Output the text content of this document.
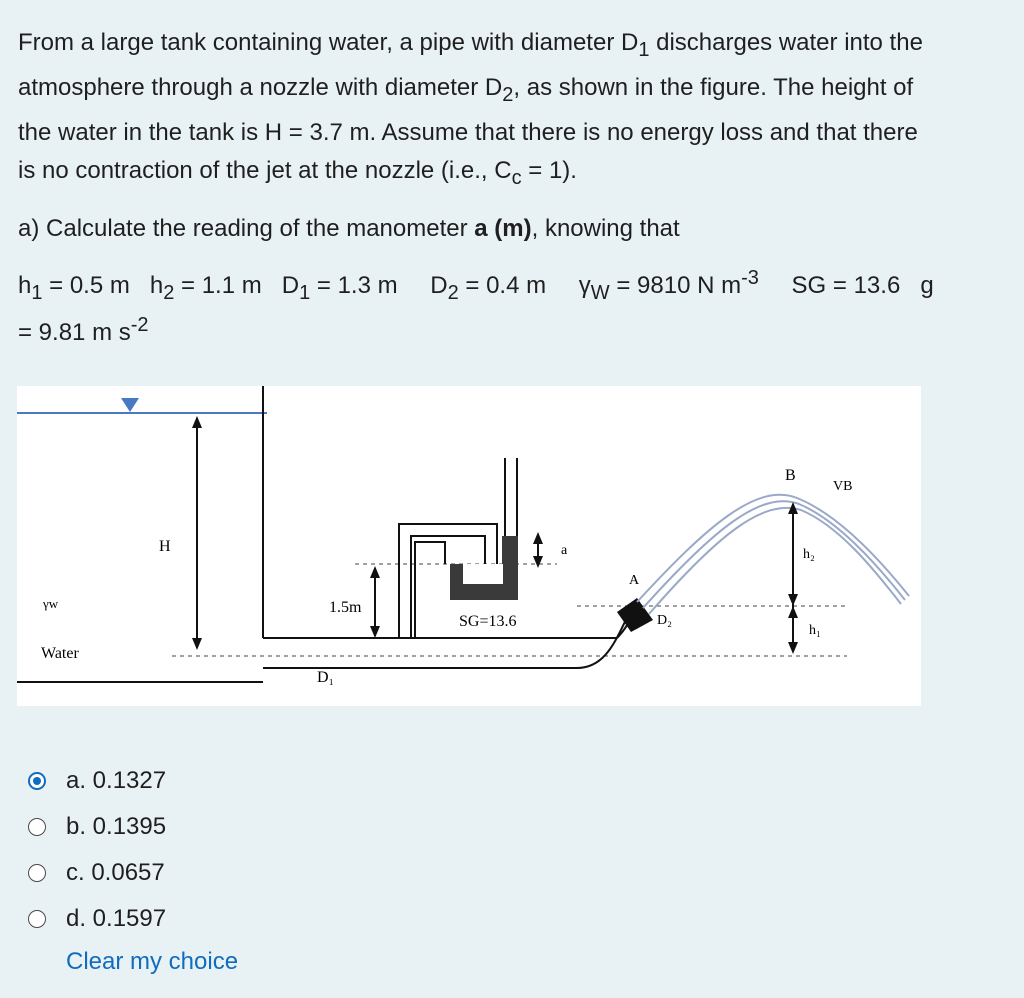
From a large tank containing water, a pipe with diameter $D_1$ discharges water into the

atmosphere through a nozzle with diameter $D_2$, as shown in the figure. The height of

the water in the tank is H = 3.7 m. Assume that there is no energy loss and that there

is no contraction of the jet at the nozzle (i.e., $C_c = 1$).

a) Calculate the reading of the manometer a (m), knowing that

$h_1 = 0.5$ m $h_2 = 1.1$ m $D_1 = 1.3$ m $D_2 = 0.4$ m $\gamma_W = 9810$ N $m^{-3}$ SG = 13.6 g
= 9.81 m $s^{-2}$

H
γw
Water
D₁
1.5m
SG=13.6
a
A
D₂
B
VB
h₂
h₁
a. 0.1327
b. 0.1395
c. 0.0657
d. 0.1597
Clear my choice
